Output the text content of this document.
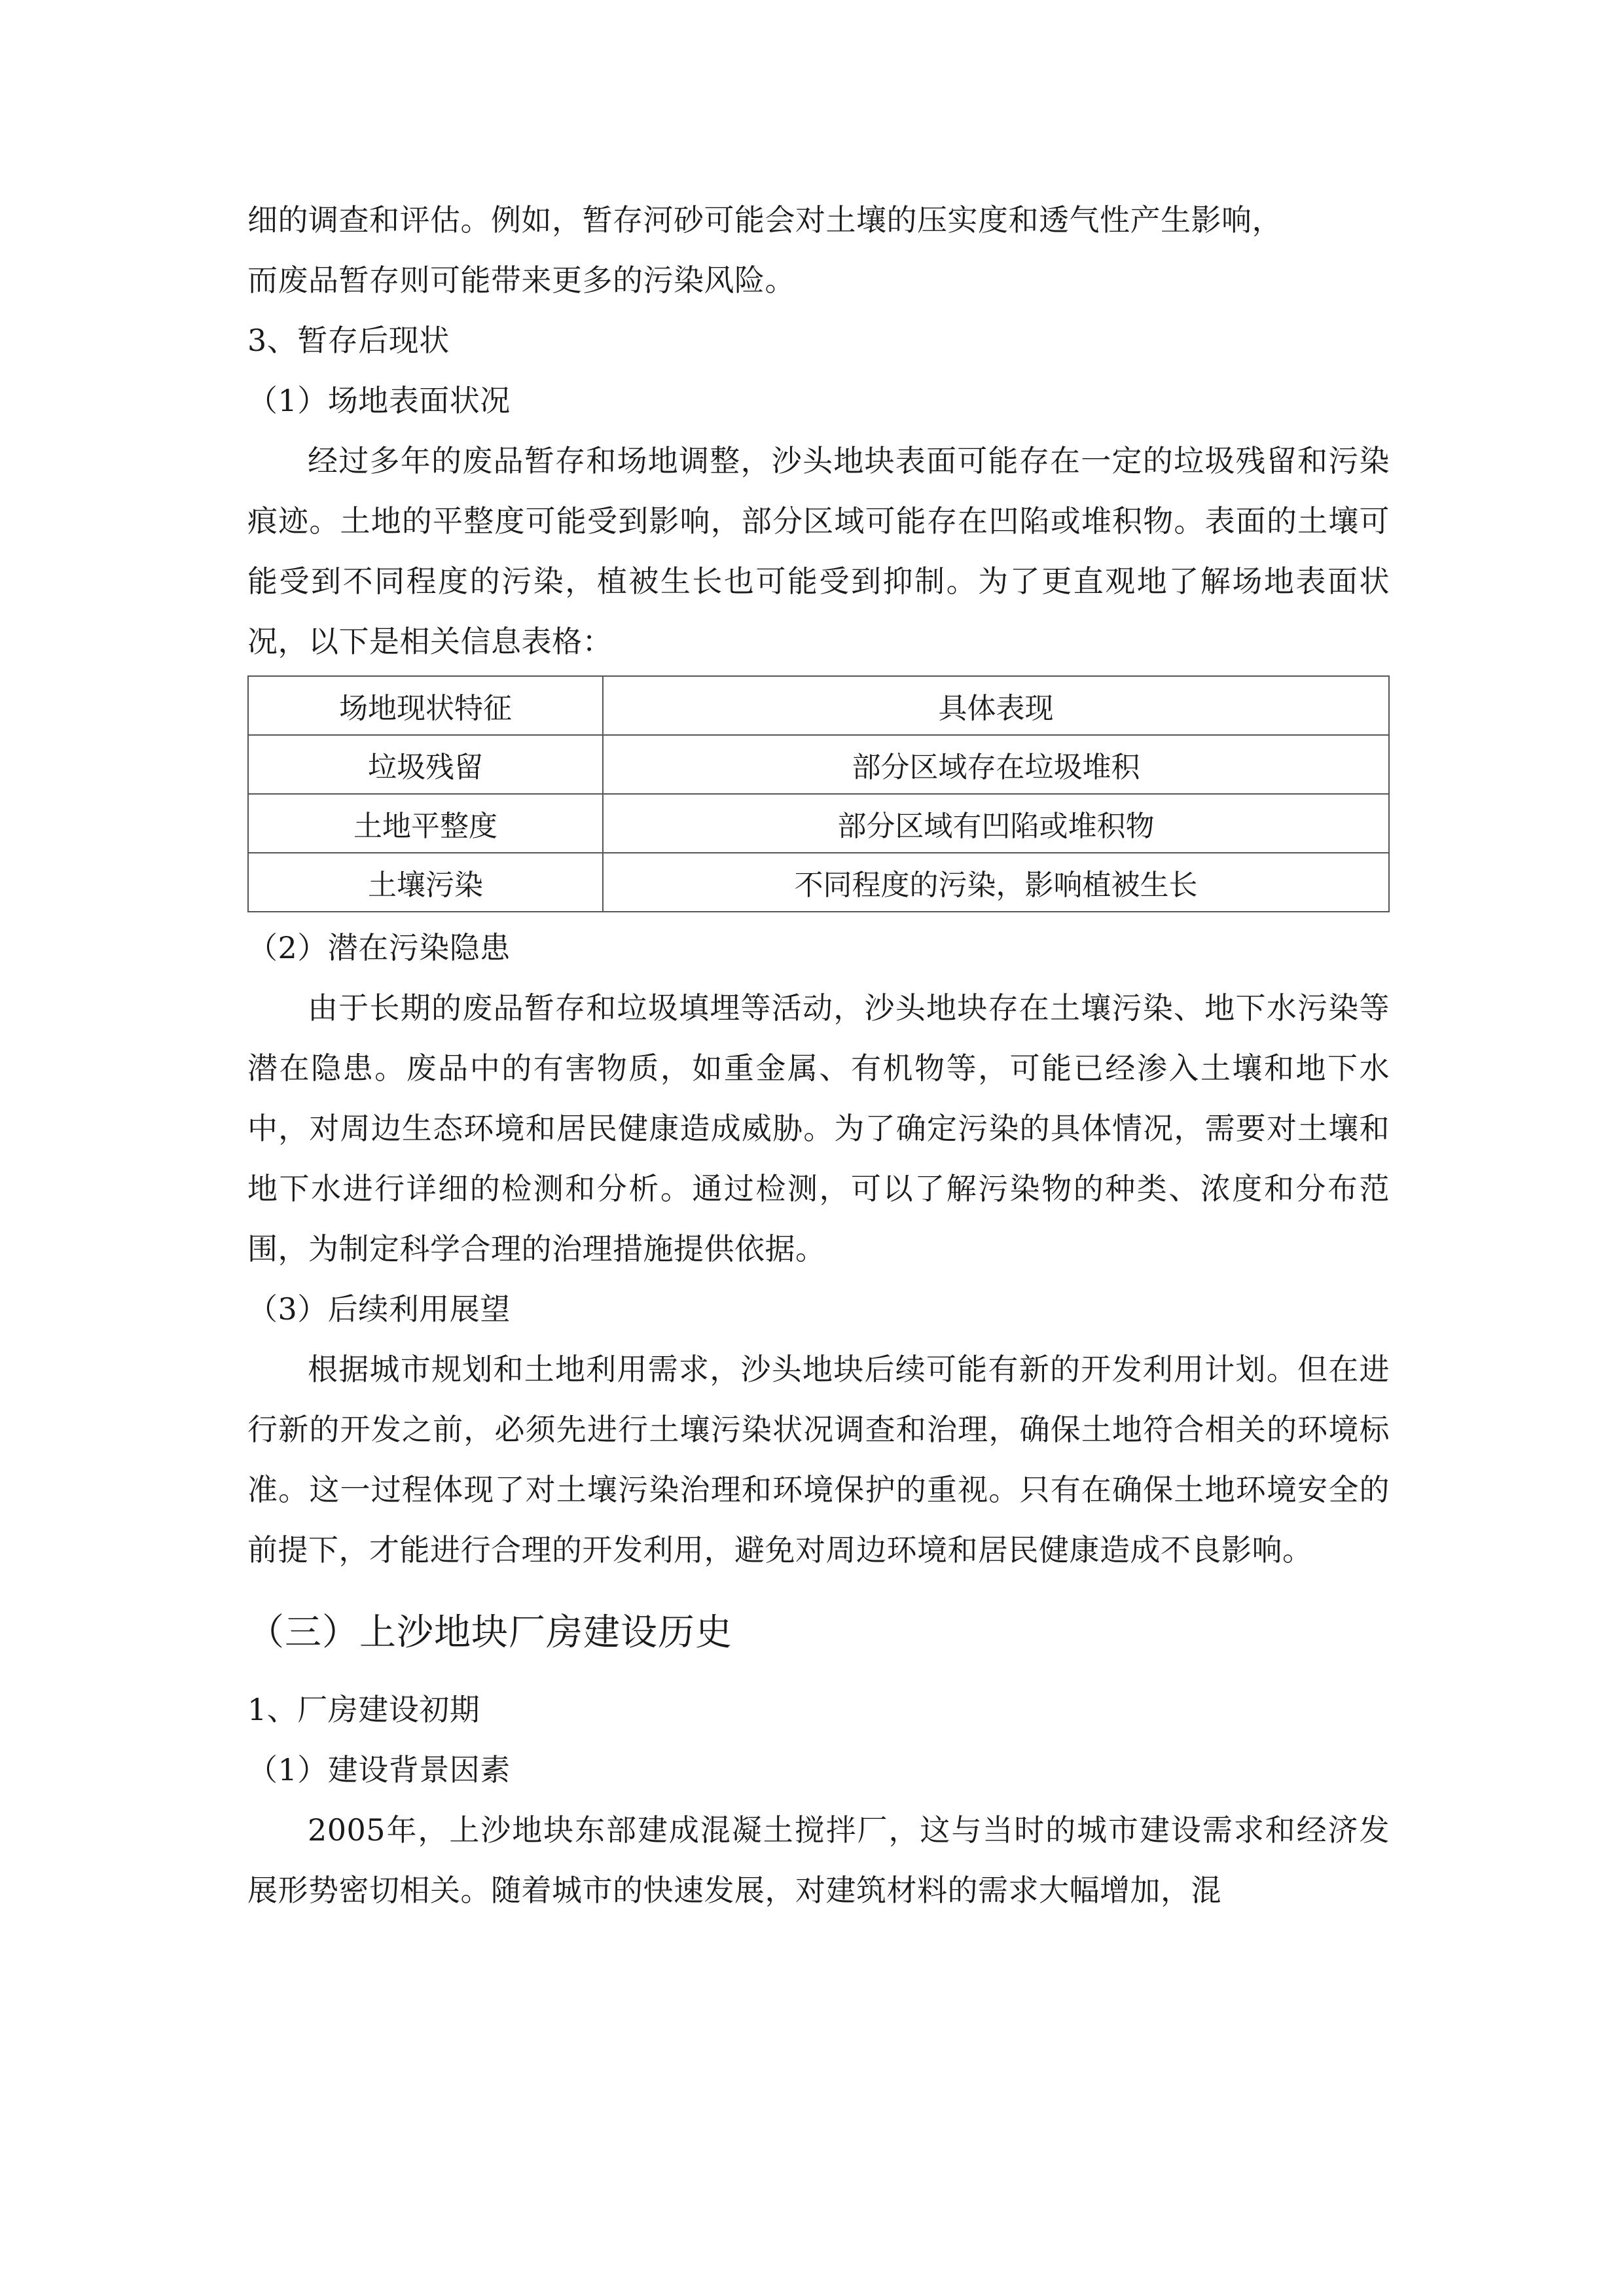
细的调查和评估。例如，暂存河砂可能会对土壤的压实度和透气性产生影响，

而废品暂存则可能带来更多的污染风险。

3、暂存后现状

（1）场地表面状况

经过多年的废品暂存和场地调整，沙头地块表面可能存在一定的垃圾残留和污染痕迹。土地的平整度可能受到影响，部分区域可能存在凹陷或堆积物。表面的土壤可能受到不同程度的污染，植被生长也可能受到抑制。为了更直观地了解场地表面状况，以下是相关信息表格：

场地现状特征	具体表现
垃圾残留	部分区域存在垃圾堆积
土地平整度	部分区域有凹陷或堆积物
土壤污染	不同程度的污染，影响植被生长

（2）潜在污染隐患

由于长期的废品暂存和垃圾填埋等活动，沙头地块存在土壤污染、地下水污染等潜在隐患。废品中的有害物质，如重金属、有机物等，可能已经渗入土壤和地下水中，对周边生态环境和居民健康造成威胁。为了确定污染的具体情况，需要对土壤和地下水进行详细的检测和分析。通过检测，可以了解污染物的种类、浓度和分布范围，为制定科学合理的治理措施提供依据。

（3）后续利用展望

根据城市规划和土地利用需求，沙头地块后续可能有新的开发利用计划。但在进行新的开发之前，必须先进行土壤污染状况调查和治理，确保土地符合相关的环境标准。这一过程体现了对土壤污染治理和环境保护的重视。只有在确保土地环境安全的前提下，才能进行合理的开发利用，避免对周边环境和居民健康造成不良影响。

（三）上沙地块厂房建设历史

1、厂房建设初期

（1）建设背景因素

2005年，上沙地块东部建成混凝土搅拌厂，这与当时的城市建设需求和经济发展形势密切相关。随着城市的快速发展，对建筑材料的需求大幅增加，混
